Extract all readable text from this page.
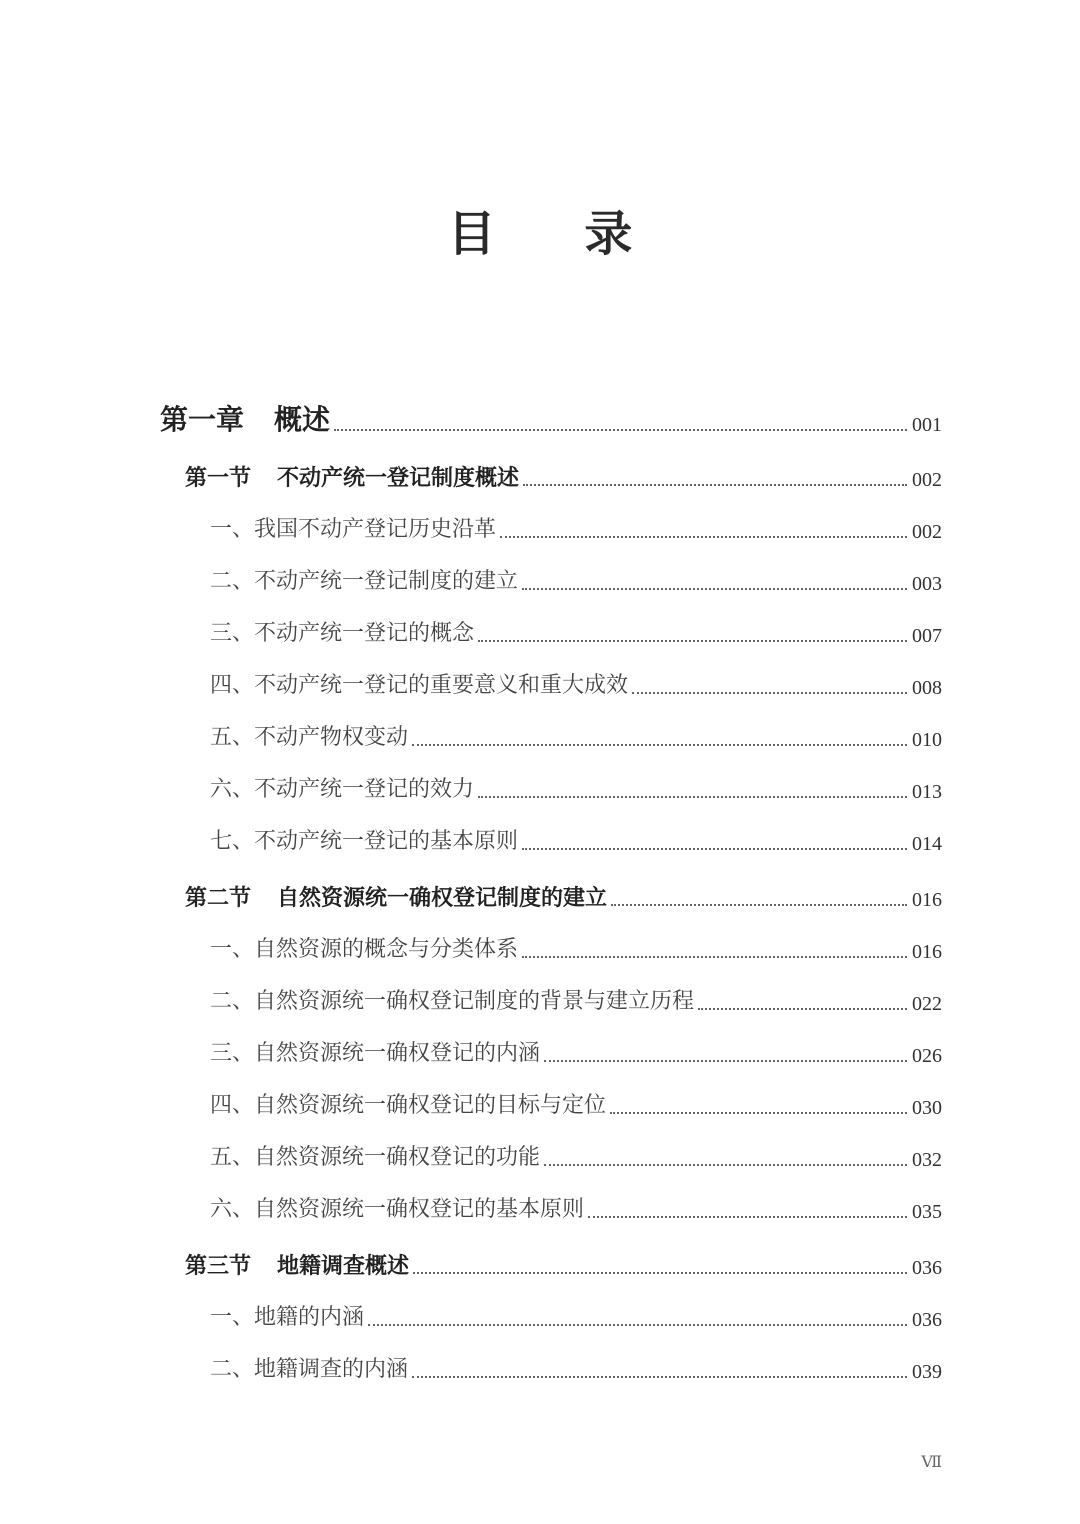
目 录
第一章 概述	001
第一节 不动产统一登记制度概述	002
一、我国不动产登记历史沿革	002
二、不动产统一登记制度的建立	003
三、不动产统一登记的概念	007
四、不动产统一登记的重要意义和重大成效	008
五、不动产物权变动	010
六、不动产统一登记的效力	013
七、不动产统一登记的基本原则	014
第二节 自然资源统一确权登记制度的建立	016
一、自然资源的概念与分类体系	016
二、自然资源统一确权登记制度的背景与建立历程	022
三、自然资源统一确权登记的内涵	026
四、自然资源统一确权登记的目标与定位	030
五、自然资源统一确权登记的功能	032
六、自然资源统一确权登记的基本原则	035
第三节 地籍调查概述	036
一、地籍的内涵	036
二、地籍调查的内涵	039
Ⅶ
